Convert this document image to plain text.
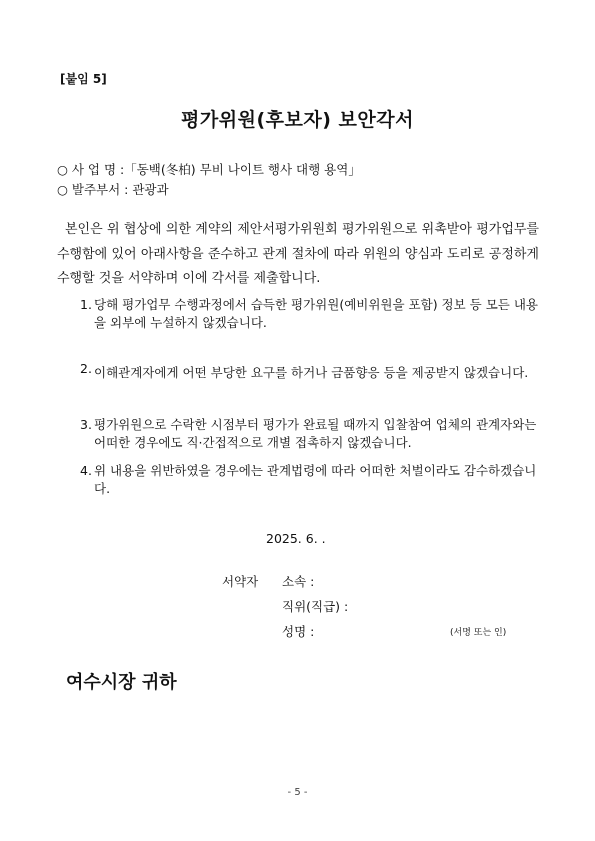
[붙임 5]
평가위원(후보자) 보안각서
○ 사 업 명 :「동백(冬柏) 무비 나이트 행사 대행 용역」
○ 발주부서 : 관광과
본인은 위 협상에 의한 계약의 제안서평가위원회 평가위원으로 위촉받아 평가업무를 수행함에 있어 아래사항을 준수하고 관계 절차에 따라 위원의 양심과 도리로 공정하게 수행할 것을 서약하며 이에 각서를 제출합니다.
1. 당해 평가업무 수행과정에서 습득한 평가위원(예비위원을 포함) 정보 등 모든 내용을 외부에 누설하지 않겠습니다.
2. 이해관계자에게 어떤 부당한 요구를 하거나 금품향응 등을 제공받지 않겠습니다.
3. 평가위원으로 수락한 시점부터 평가가 완료될 때까지 입찰참여 업체의 관계자와는 어떠한 경우에도 직·간접적으로 개별 접촉하지 않겠습니다.
4. 위 내용을 위반하였을 경우에는 관계법령에 따라 어떠한 처벌이라도 감수하겠습니다.
2025. 6. .
서약자 소속 :
직위(직급) :
성명 :	(서명 또는 인)
여수시장 귀하
- 5 -
